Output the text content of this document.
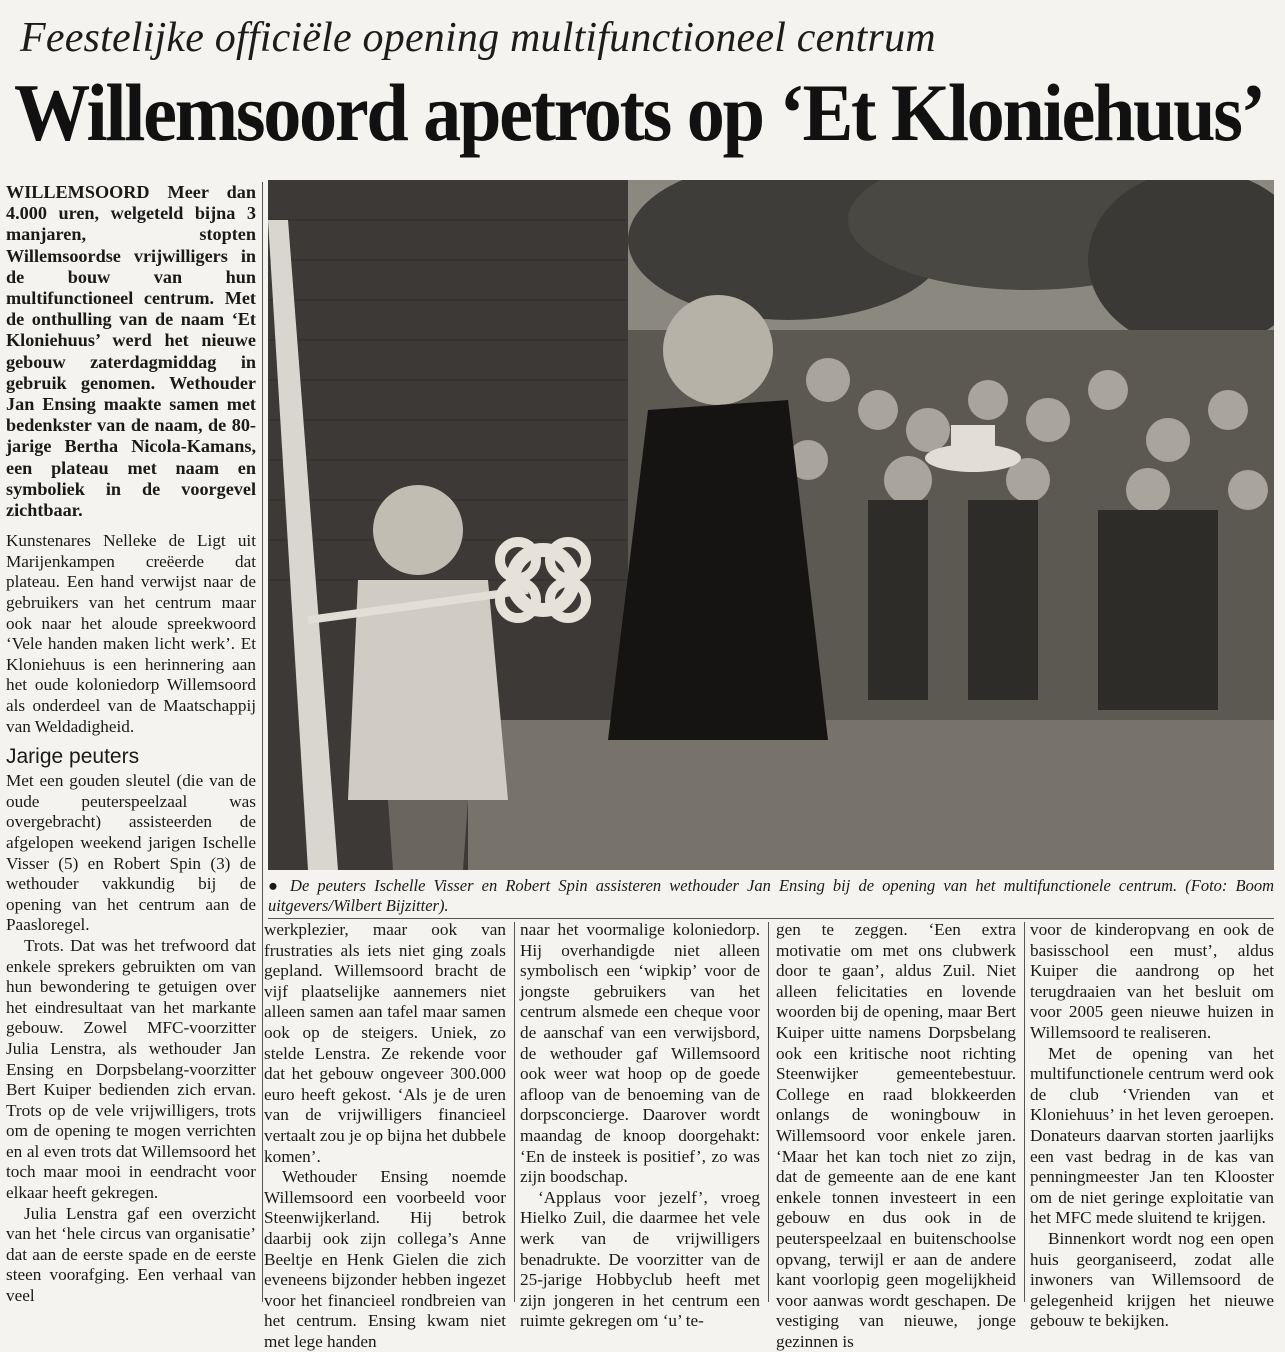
Feestelijke officiële opening multifunctioneel centrum
Willemsoord apetrots op ‘Et Kloniehuus’

WILLEMSOORD Meer dan 4.000 uren, welgeteld bijna 3 manjaren, stopten Willemsoordse vrijwilligers in de bouw van hun multifunctioneel centrum. Met de onthulling van de naam ‘Et Kloniehuus’ werd het nieuwe gebouw zaterdagmiddag in gebruik genomen. Wethouder Jan Ensing maakte samen met bedenkster van de naam, de 80-jarige Bertha Nicola-Kamans, een plateau met naam en symboliek in de voorgevel zichtbaar.

Kunstenares Nelleke de Ligt uit Marijenkampen creëerde dat plateau. Een hand verwijst naar de gebruikers van het centrum maar ook naar het aloude spreekwoord ‘Vele handen maken licht werk’. Et Kloniehuus is een herinnering aan het oude koloniedorp Willemsoord als onderdeel van de Maatschappij van Weldadigheid.

Jarige peuters

Met een gouden sleutel (die van de oude peuterspeelzaal was overgebracht) assisteerden de afgelopen weekend jarigen Ischelle Visser (5) en Robert Spin (3) de wethouder vakkundig bij de opening van het centrum aan de Paasloregel.

Trots. Dat was het trefwoord dat enkele sprekers gebruikten om van hun bewondering te getuigen over het eindresultaat van het markante gebouw. Zowel MFC-voorzitter Julia Lenstra, als wethouder Jan Ensing en Dorpsbelang-voorzitter Bert Kuiper bedienden zich ervan. Trots op de vele vrijwilligers, trots om de opening te mogen verrichten en al even trots dat Willemsoord het toch maar mooi in eendracht voor elkaar heeft gekregen.

Julia Lenstra gaf een overzicht van het ‘hele circus van organisatie’ dat aan de eerste spade en de eerste steen voorafging. Een verhaal van veel

● De peuters Ischelle Visser en Robert Spin assisteren wethouder Jan Ensing bij de opening van het multifunctionele centrum. (Foto: Boom uitgevers/Wilbert Bijzitter).

werkplezier, maar ook van frustraties als iets niet ging zoals gepland. Willemsoord bracht de vijf plaatselijke aannemers niet alleen samen aan tafel maar samen ook op de steigers. Uniek, zo stelde Lenstra. Ze rekende voor dat het gebouw ongeveer 300.000 euro heeft gekost. ‘Als je de uren van de vrijwilligers financieel vertaalt zou je op bijna het dubbele komen’.

Wethouder Ensing noemde Willemsoord een voorbeeld voor Steenwijkerland. Hij betrok daarbij ook zijn collega’s Anne Beeltje en Henk Gielen die zich eveneens bijzonder hebben ingezet voor het financieel rondbreien van het centrum. Ensing kwam niet met lege handen

naar het voormalige koloniedorp. Hij overhandigde niet alleen symbolisch een ‘wipkip’ voor de jongste gebruikers van het centrum alsmede een cheque voor de aanschaf van een verwijsbord, de wethouder gaf Willemsoord ook weer wat hoop op de goede afloop van de benoeming van de dorpsconcierge. Daarover wordt maandag de knoop doorgehakt: ‘En de insteek is positief’, zo was zijn boodschap.

‘Applaus voor jezelf’, vroeg Hielko Zuil, die daarmee het vele werk van de vrijwilligers benadrukte. De voorzitter van de 25-jarige Hobbyclub heeft met zijn jongeren in het centrum een ruimte gekregen om ‘u’ te-

gen te zeggen. ‘Een extra motivatie om met ons clubwerk door te gaan’, aldus Zuil. Niet alleen felicitaties en lovende woorden bij de opening, maar Bert Kuiper uitte namens Dorpsbelang ook een kritische noot richting Steenwijker gemeentebestuur. College en raad blokkeerden onlangs de woningbouw in Willemsoord voor enkele jaren. ‘Maar het kan toch niet zo zijn, dat de gemeente aan de ene kant enkele tonnen investeert in een gebouw en dus ook in de peuterspeelzaal en buitenschoolse opvang, terwijl er aan de andere kant voorlopig geen mogelijkheid voor aanwas wordt geschapen. De vestiging van nieuwe, jonge gezinnen is

voor de kinderopvang en ook de basisschool een must’, aldus Kuiper die aandrong op het terugdraaien van het besluit om voor 2005 geen nieuwe huizen in Willemsoord te realiseren.

Met de opening van het multifunctionele centrum werd ook de club ‘Vrienden van et Kloniehuus’ in het leven geroepen. Donateurs daarvan storten jaarlijks een vast bedrag in de kas van penningmeester Jan ten Klooster om de niet geringe exploitatie van het MFC mede sluitend te krijgen.

Binnenkort wordt nog een open huis georganiseerd, zodat alle inwoners van Willemsoord de gelegenheid krijgen het nieuwe gebouw te bekijken.
